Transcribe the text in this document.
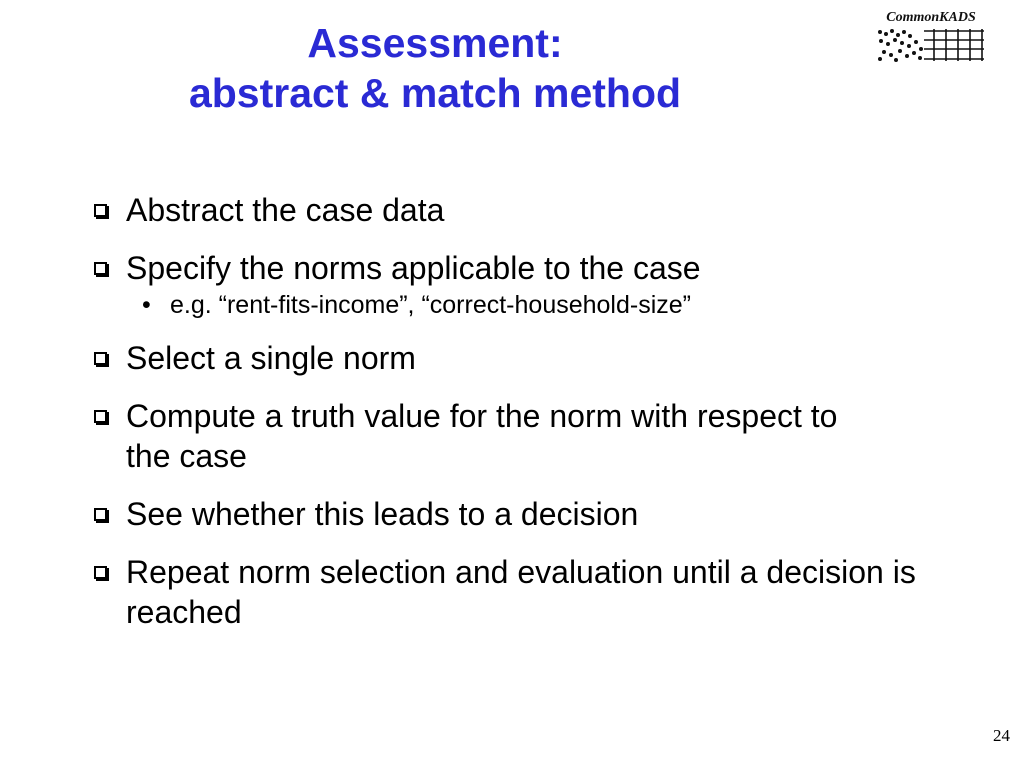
Assessment:
abstract & match method
CommonKADS
Abstract the case data
Specify the norms applicable to the case
• e.g. “rent-fits-income”, “correct-household-size”
Select a single norm
Compute a truth value for the norm with respect to the case
See whether this leads to a decision
Repeat norm selection and evaluation until a decision is reached
24
